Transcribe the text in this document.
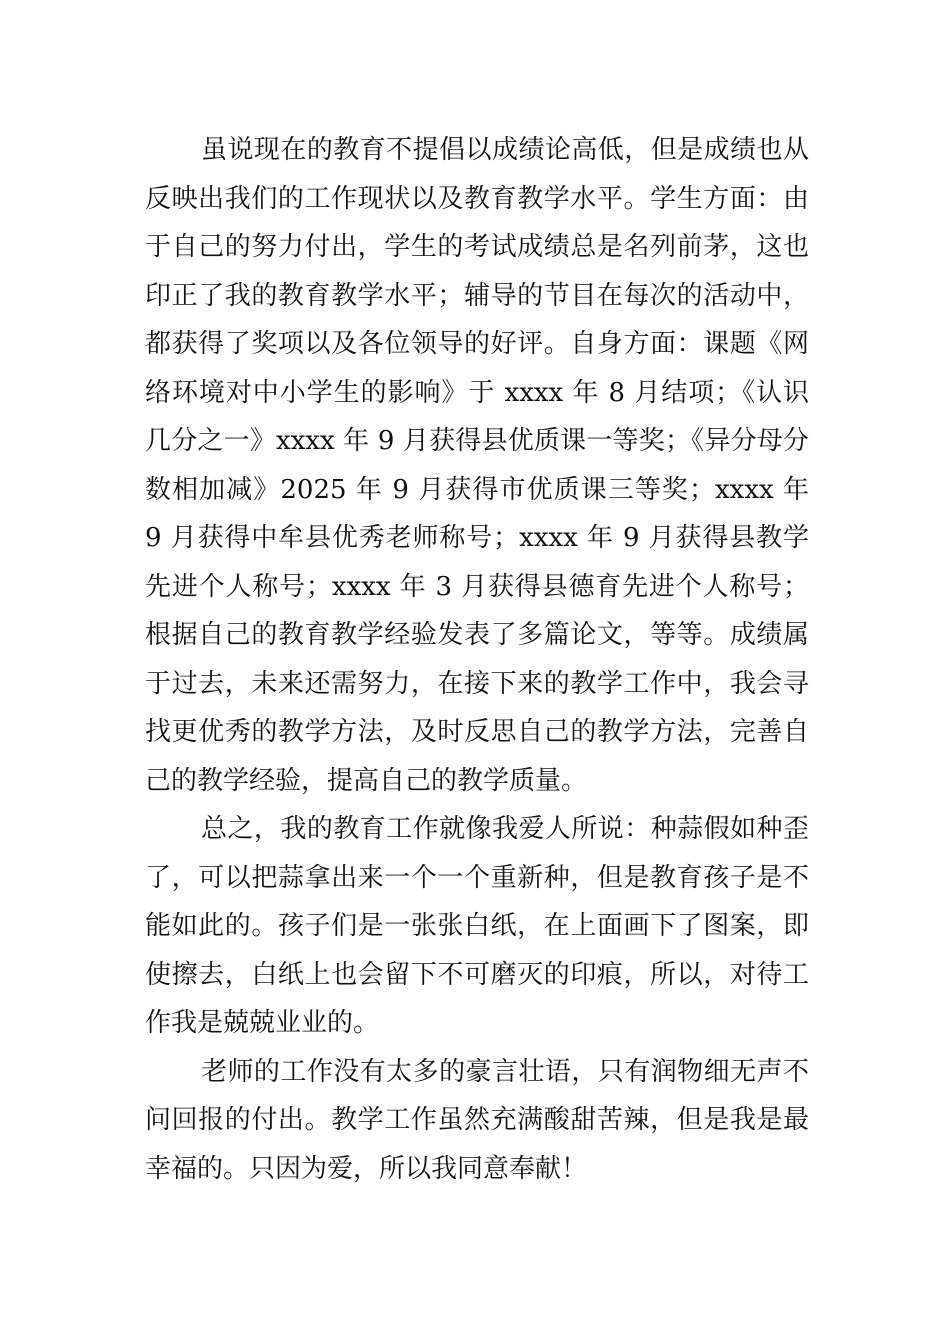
虽说现在的教育不提倡以成绩论高低，但是成绩也从反映出我们的工作现状以及教育教学水平。学生方面：由于自己的努力付出，学生的考试成绩总是名列前茅，这也印正了我的教育教学水平；辅导的节目在每次的活动中，都获得了奖项以及各位领导的好评。自身方面：课题《网络环境对中小学生的影响》于 xxxx 年 8 月结项；《认识几分之一》xxxx 年 9 月获得县优质课一等奖；《异分母分数相加减》2025 年 9 月获得市优质课三等奖；xxxx 年 9 月获得中牟县优秀老师称号；xxxx 年 9 月获得县教学先进个人称号；xxxx 年 3 月获得县德育先进个人称号；根据自己的教育教学经验发表了多篇论文，等等。成绩属于过去，未来还需努力，在接下来的教学工作中，我会寻找更优秀的教学方法，及时反思自己的教学方法，完善自己的教学经验，提高自己的教学质量。

总之，我的教育工作就像我爱人所说：种蒜假如种歪了，可以把蒜拿出来一个一个重新种，但是教育孩子是不能如此的。孩子们是一张张白纸，在上面画下了图案，即使擦去，白纸上也会留下不可磨灭的印痕，所以，对待工作我是兢兢业业的。

老师的工作没有太多的豪言壮语，只有润物细无声不问回报的付出。教学工作虽然充满酸甜苦辣，但是我是最幸福的。只因为爱，所以我同意奉献！
